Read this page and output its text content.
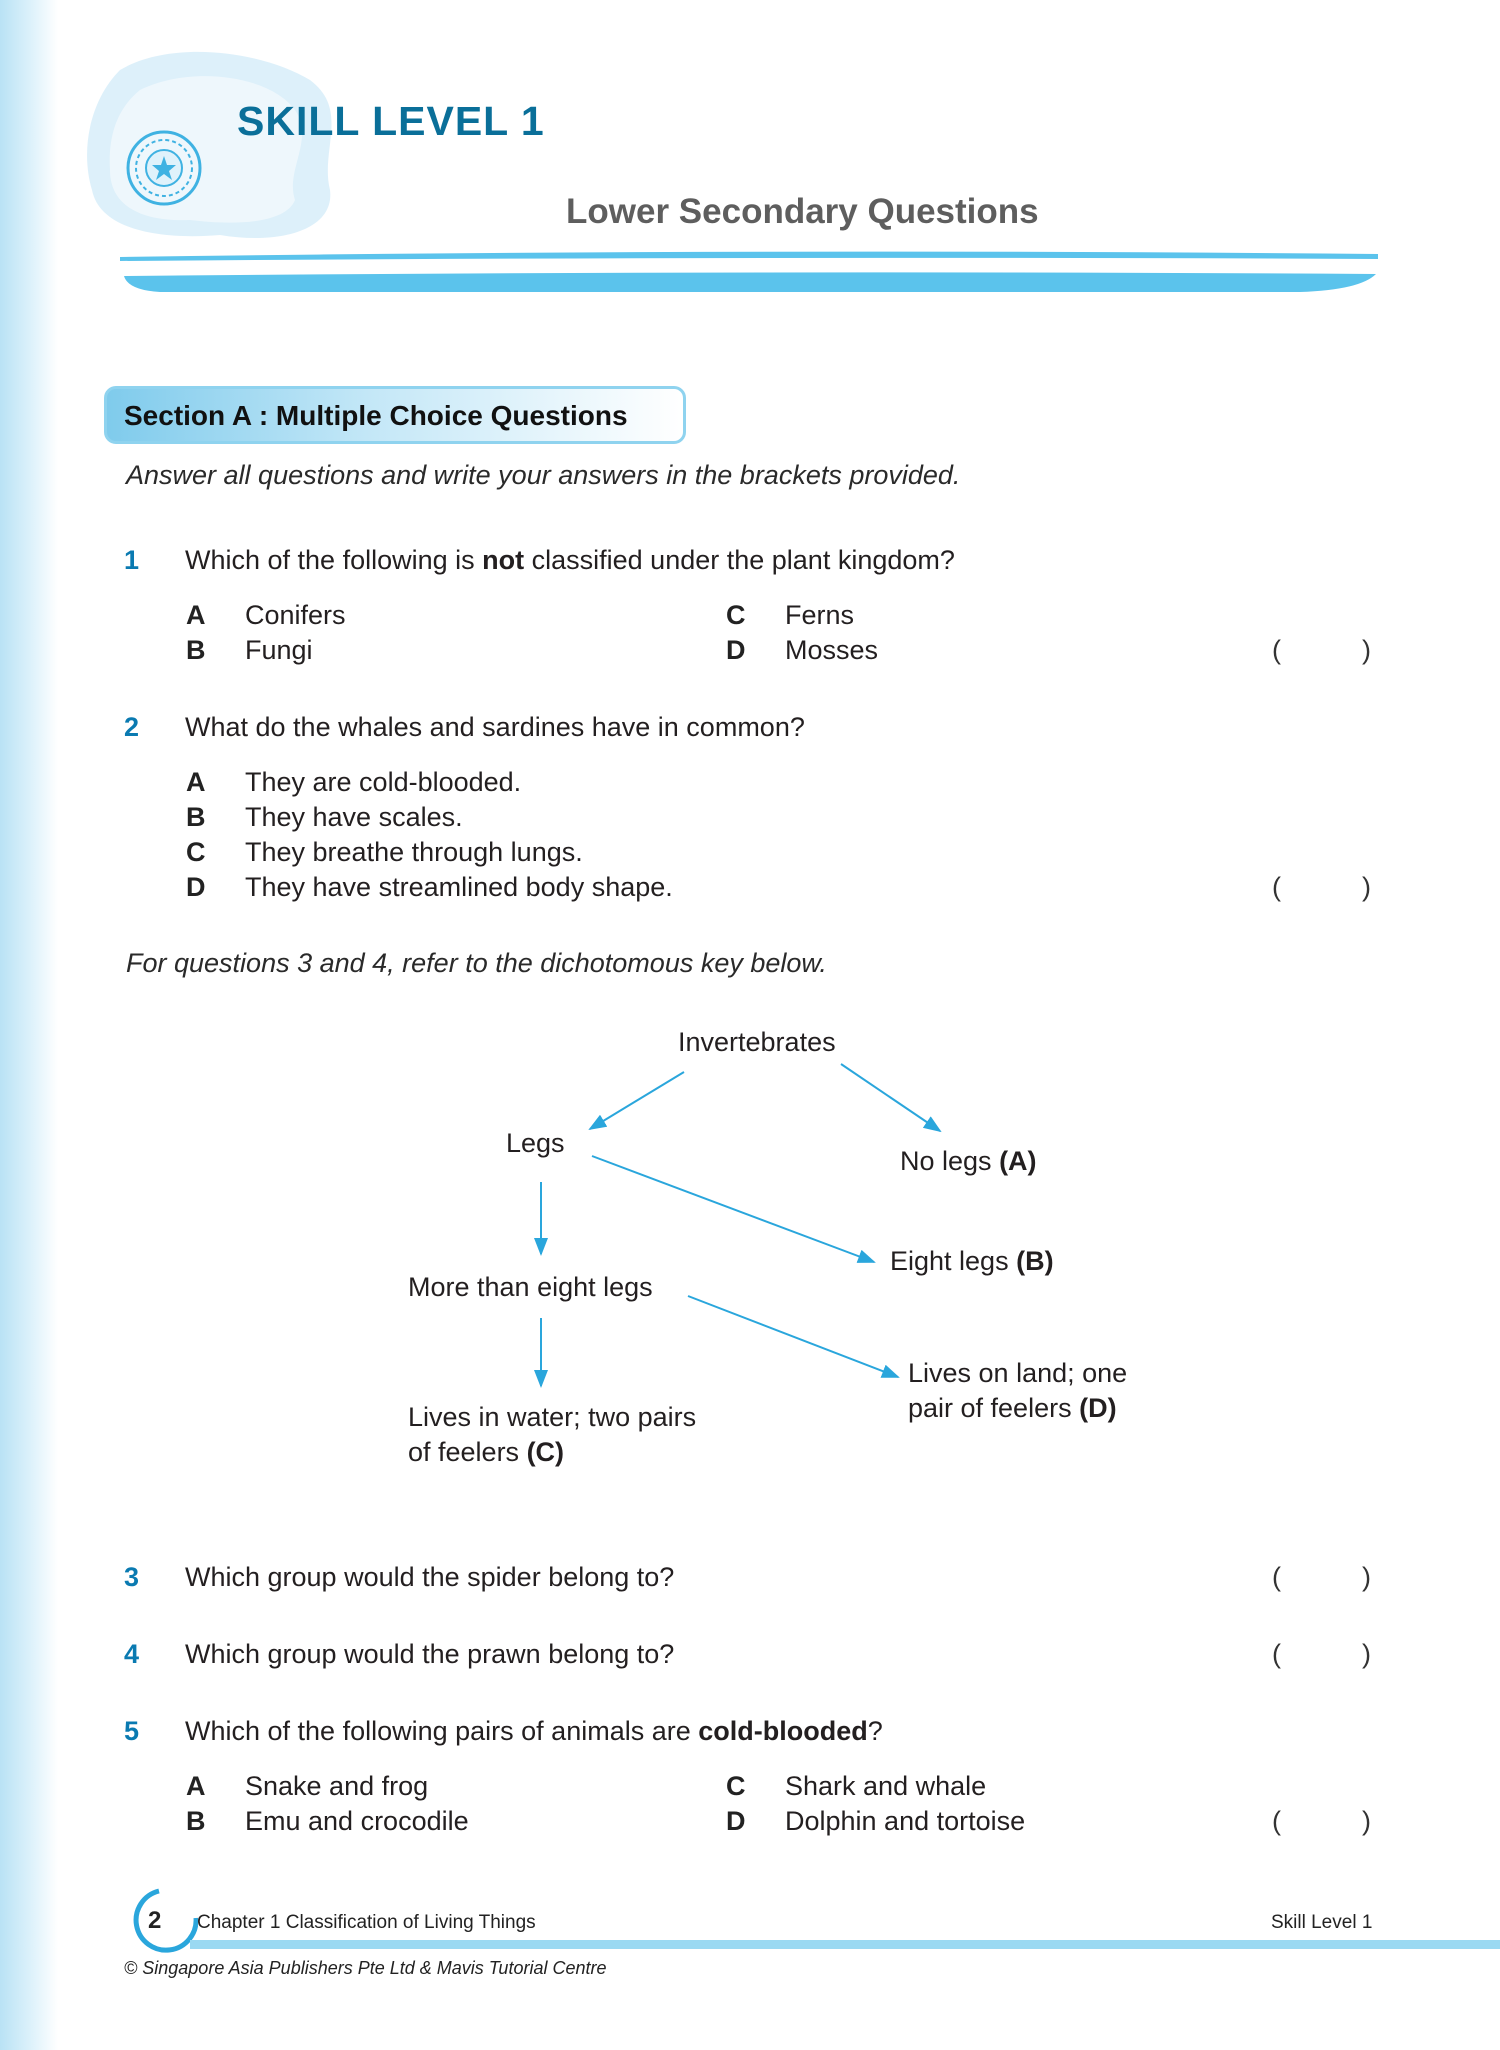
SKILL LEVEL 1
Lower Secondary Questions
Section A : Multiple Choice Questions
Answer all questions and write your answers in the brackets provided.
1 Which of the following is not classified under the plant kingdom?
A Conifers
B Fungi
C Ferns
D Mosses	(	)
2 What do the whales and sardines have in common?
A They are cold-blooded.
B They have scales.
C They breathe through lungs.
D They have streamlined body shape.	(	)
For questions 3 and 4, refer to the dichotomous key below.
Invertebrates
Legs
No legs (A)
Eight legs (B)
More than eight legs
Lives on land; one
pair of feelers (D)
Lives in water; two pairs
of feelers (C)
3 Which group would the spider belong to?	(	)
4 Which group would the prawn belong to?	(	)
5 Which of the following pairs of animals are cold-blooded?
A Snake and frog
B Emu and crocodile
C Shark and whale
D Dolphin and tortoise	(	)
2 Chapter 1 Classification of Living Things	Skill Level 1
© Singapore Asia Publishers Pte Ltd & Mavis Tutorial Centre
